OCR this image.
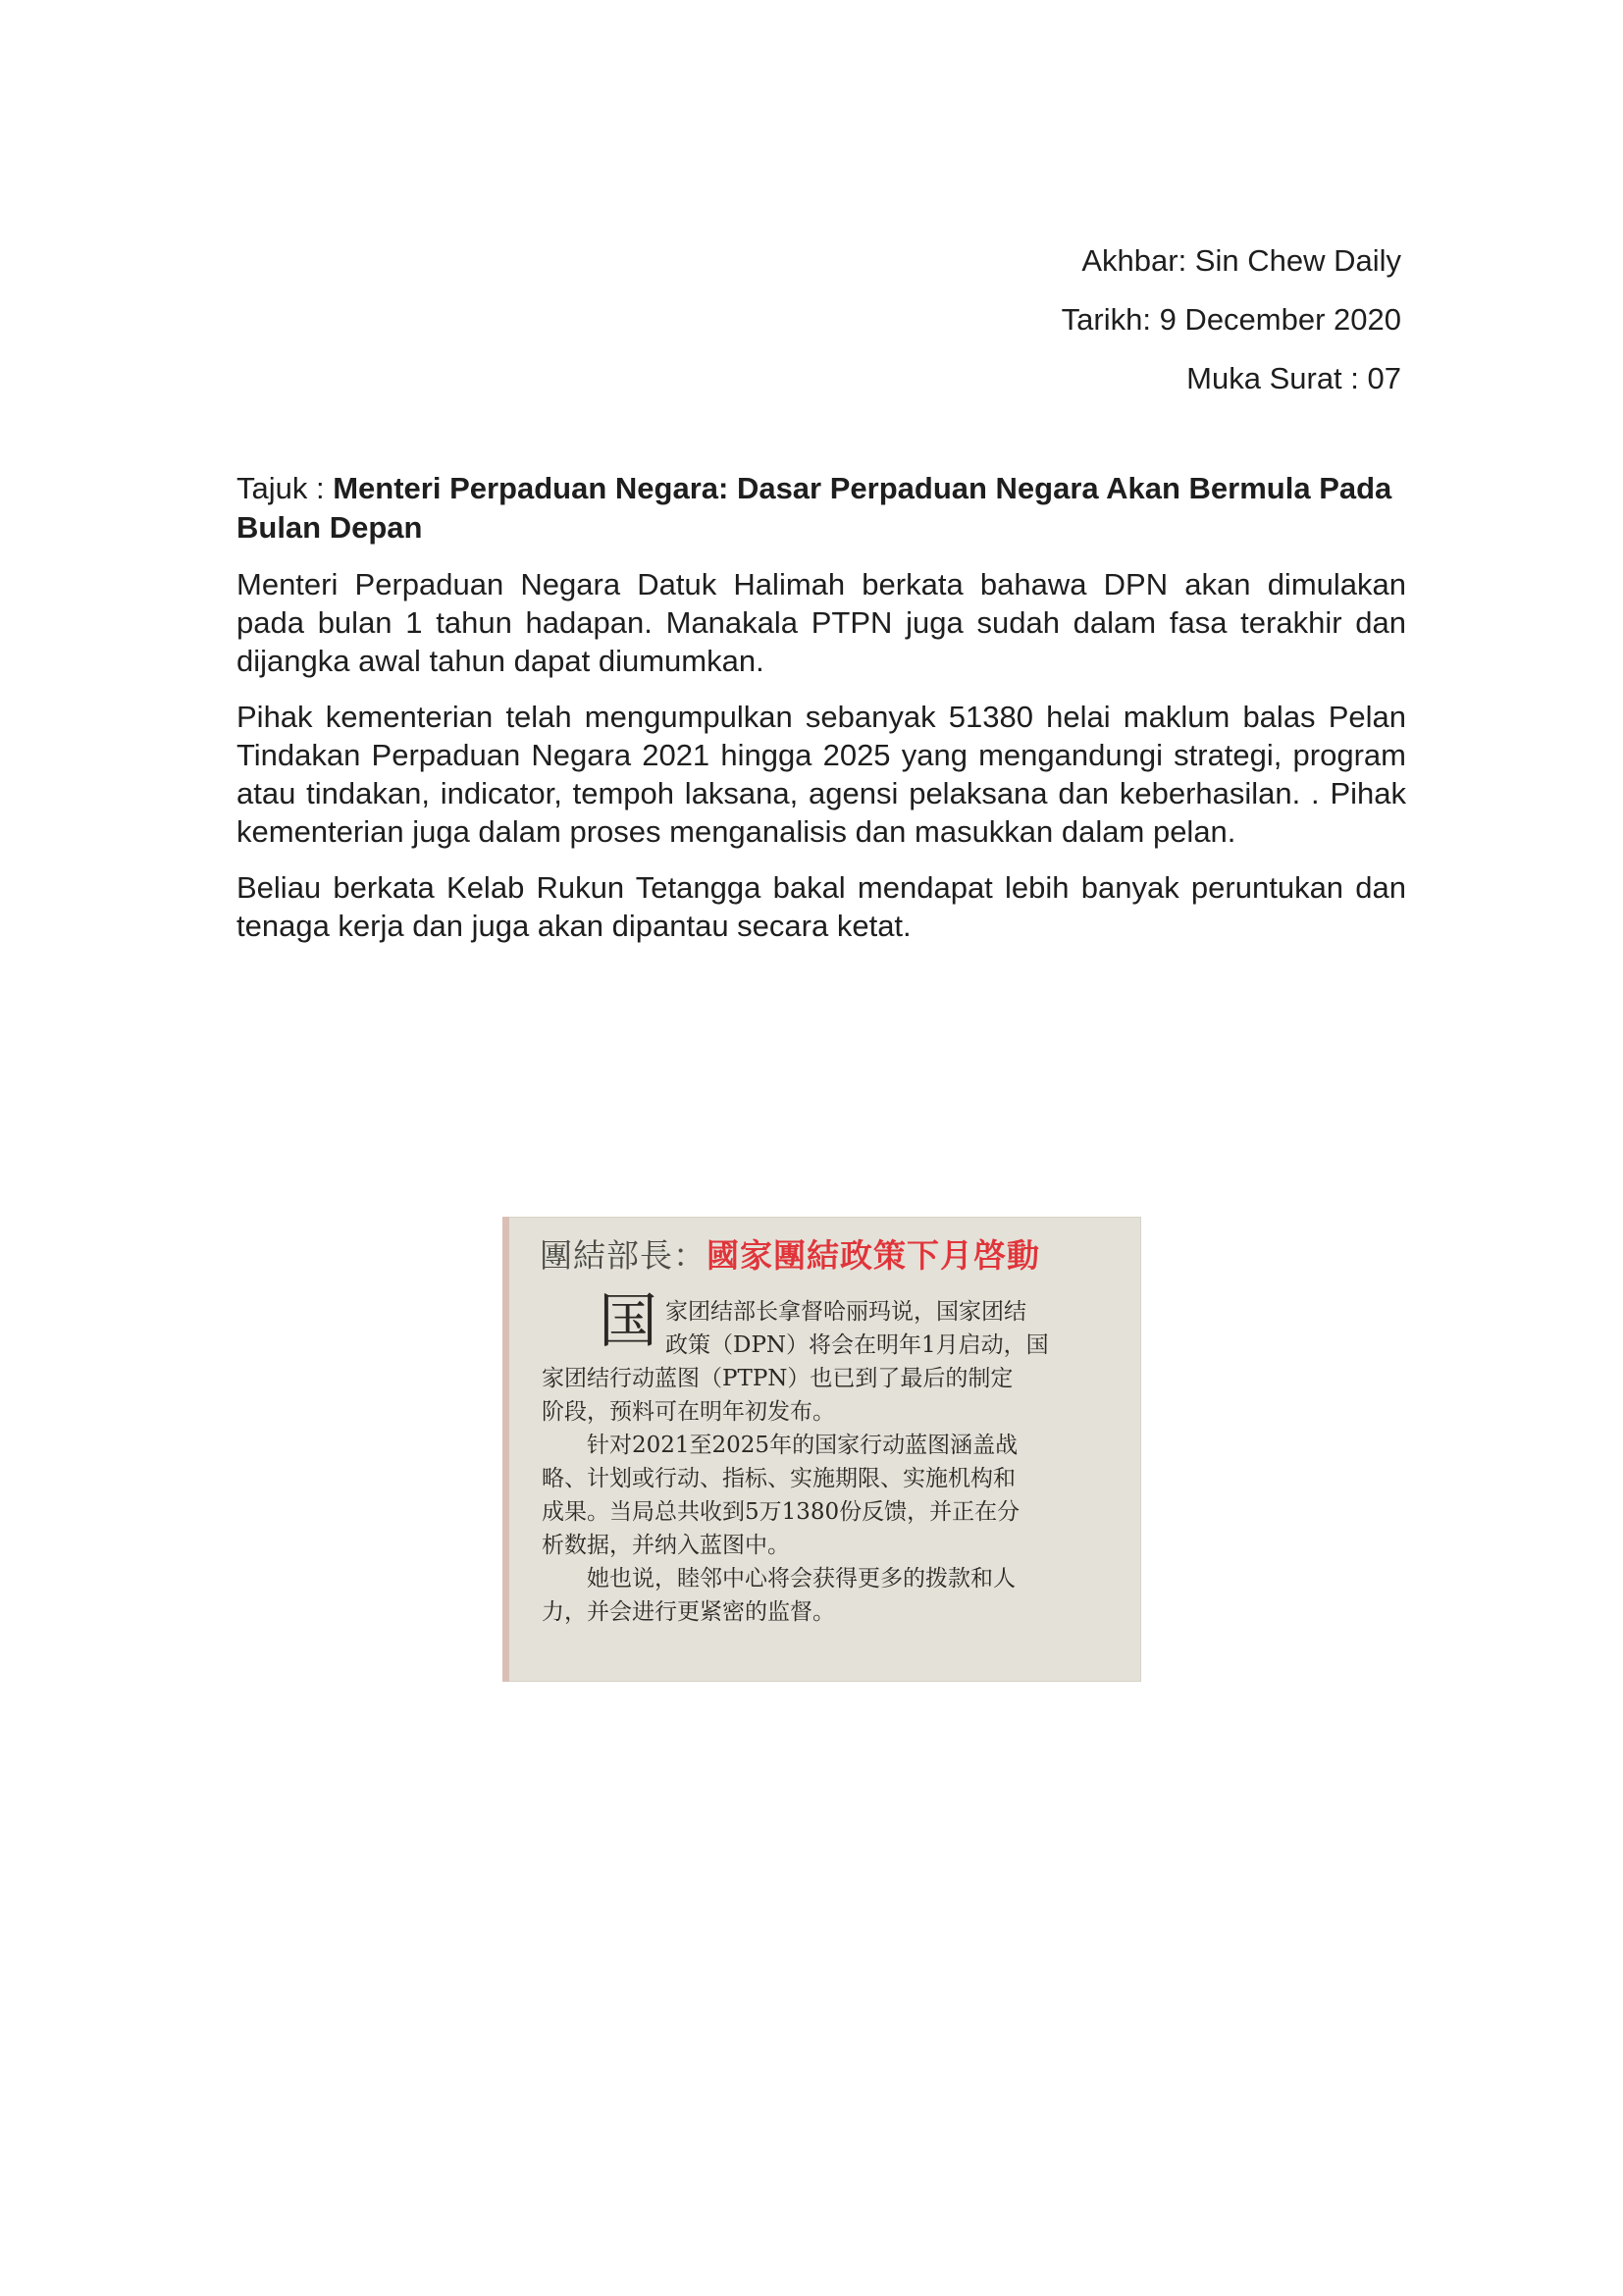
Akhbar: Sin Chew Daily
Tarikh: 9 December 2020
Muka Surat : 07
Tajuk : Menteri Perpaduan Negara: Dasar Perpaduan Negara Akan Bermula Pada Bulan Depan

Menteri Perpaduan Negara Datuk Halimah berkata bahawa DPN akan dimulakan pada bulan 1 tahun hadapan. Manakala PTPN juga sudah dalam fasa terakhir dan dijangka awal tahun dapat diumumkan.

Pihak kementerian telah mengumpulkan sebanyak 51380 helai maklum balas Pelan Tindakan Perpaduan Negara 2021 hingga 2025 yang mengandungi strategi, program atau tindakan, indicator, tempoh laksana, agensi pelaksana dan keberhasilan. . Pihak kementerian juga dalam proses menganalisis dan masukkan dalam pelan.

Beliau berkata Kelab Rukun Tetangga bakal mendapat lebih banyak peruntukan dan tenaga kerja dan juga akan dipantau secara ketat.

團結部長：國家團結政策下月啓動
国 家团结部长拿督哈丽玛说，国家团结
政策（DPN）将会在明年1月启动，国
家团结行动蓝图（PTPN）也已到了最后的制定
阶段，预料可在明年初发布。
针对2021至2025年的国家行动蓝图涵盖战
略、计划或行动、指标、实施期限、实施机构和
成果。当局总共收到5万1380份反馈，并正在分
析数据，并纳入蓝图中。
她也说，睦邻中心将会获得更多的拨款和人
力，并会进行更紧密的监督。
